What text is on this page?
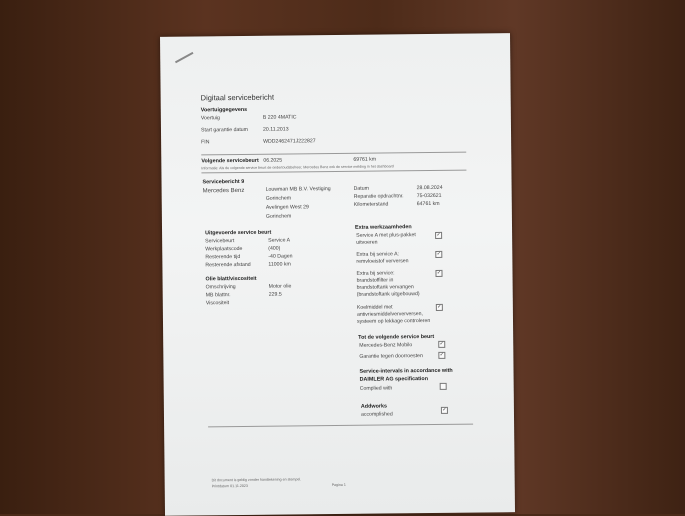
Digitaal servicebericht
Voertuiggegevens
Voertuig	B 220 4MATIC
Start garantie datum	20.11.2013
FIN	WDD2462471J222827
Volgende servicebeurt 06.2025	69761 km
Informatie: Als de volgende service beurt de ondertoudsbeheer, Mercedes Benz ook de service melding in het dashboard
Servicebericht 9
Mercedes Benz	Louwman MB B.V. Vestiging
Gorinchem
Avelingen West 29
Gorinchem
Datum	28.08.2024
Reparatie opdrachtnr.	75-032621
Kilometerstand	64761 km
Uitgevoerde service beurt
Servicebeurt	Service A
Werkplaatscode	(400)
Resterende tijd	-40 Dagen
Resterende afstand	11000 km
Olie blatt/viscositeit
Omschrijving	Motor olie
MB blattnr.	229.5
Viscositeit
Extra werkzaamheden
Service A met plus-pakket
uitvoeren
✓
Extra bij service A:
remvloeistof verversen
✓
Extra bij service:
brandstoffilter in
brandstoftank vervangen
(brandstoftank uitgebouwd)
✓
Koelmiddel met
antivriesmiddelververversen,
systeem op lekkage controleren
✓
Tot de volgende service beurt
Mercedes-Benz Mobilo
✓
Garantie tegen doorroesten
✓
Service-intervals in accordance with
DAIMLER AG specification
Complied with
Addworks
accomplished
✓
Dit document is geldig zonder handtekening en stempel.
Printdatum 01.11.2023	Pagina 1
